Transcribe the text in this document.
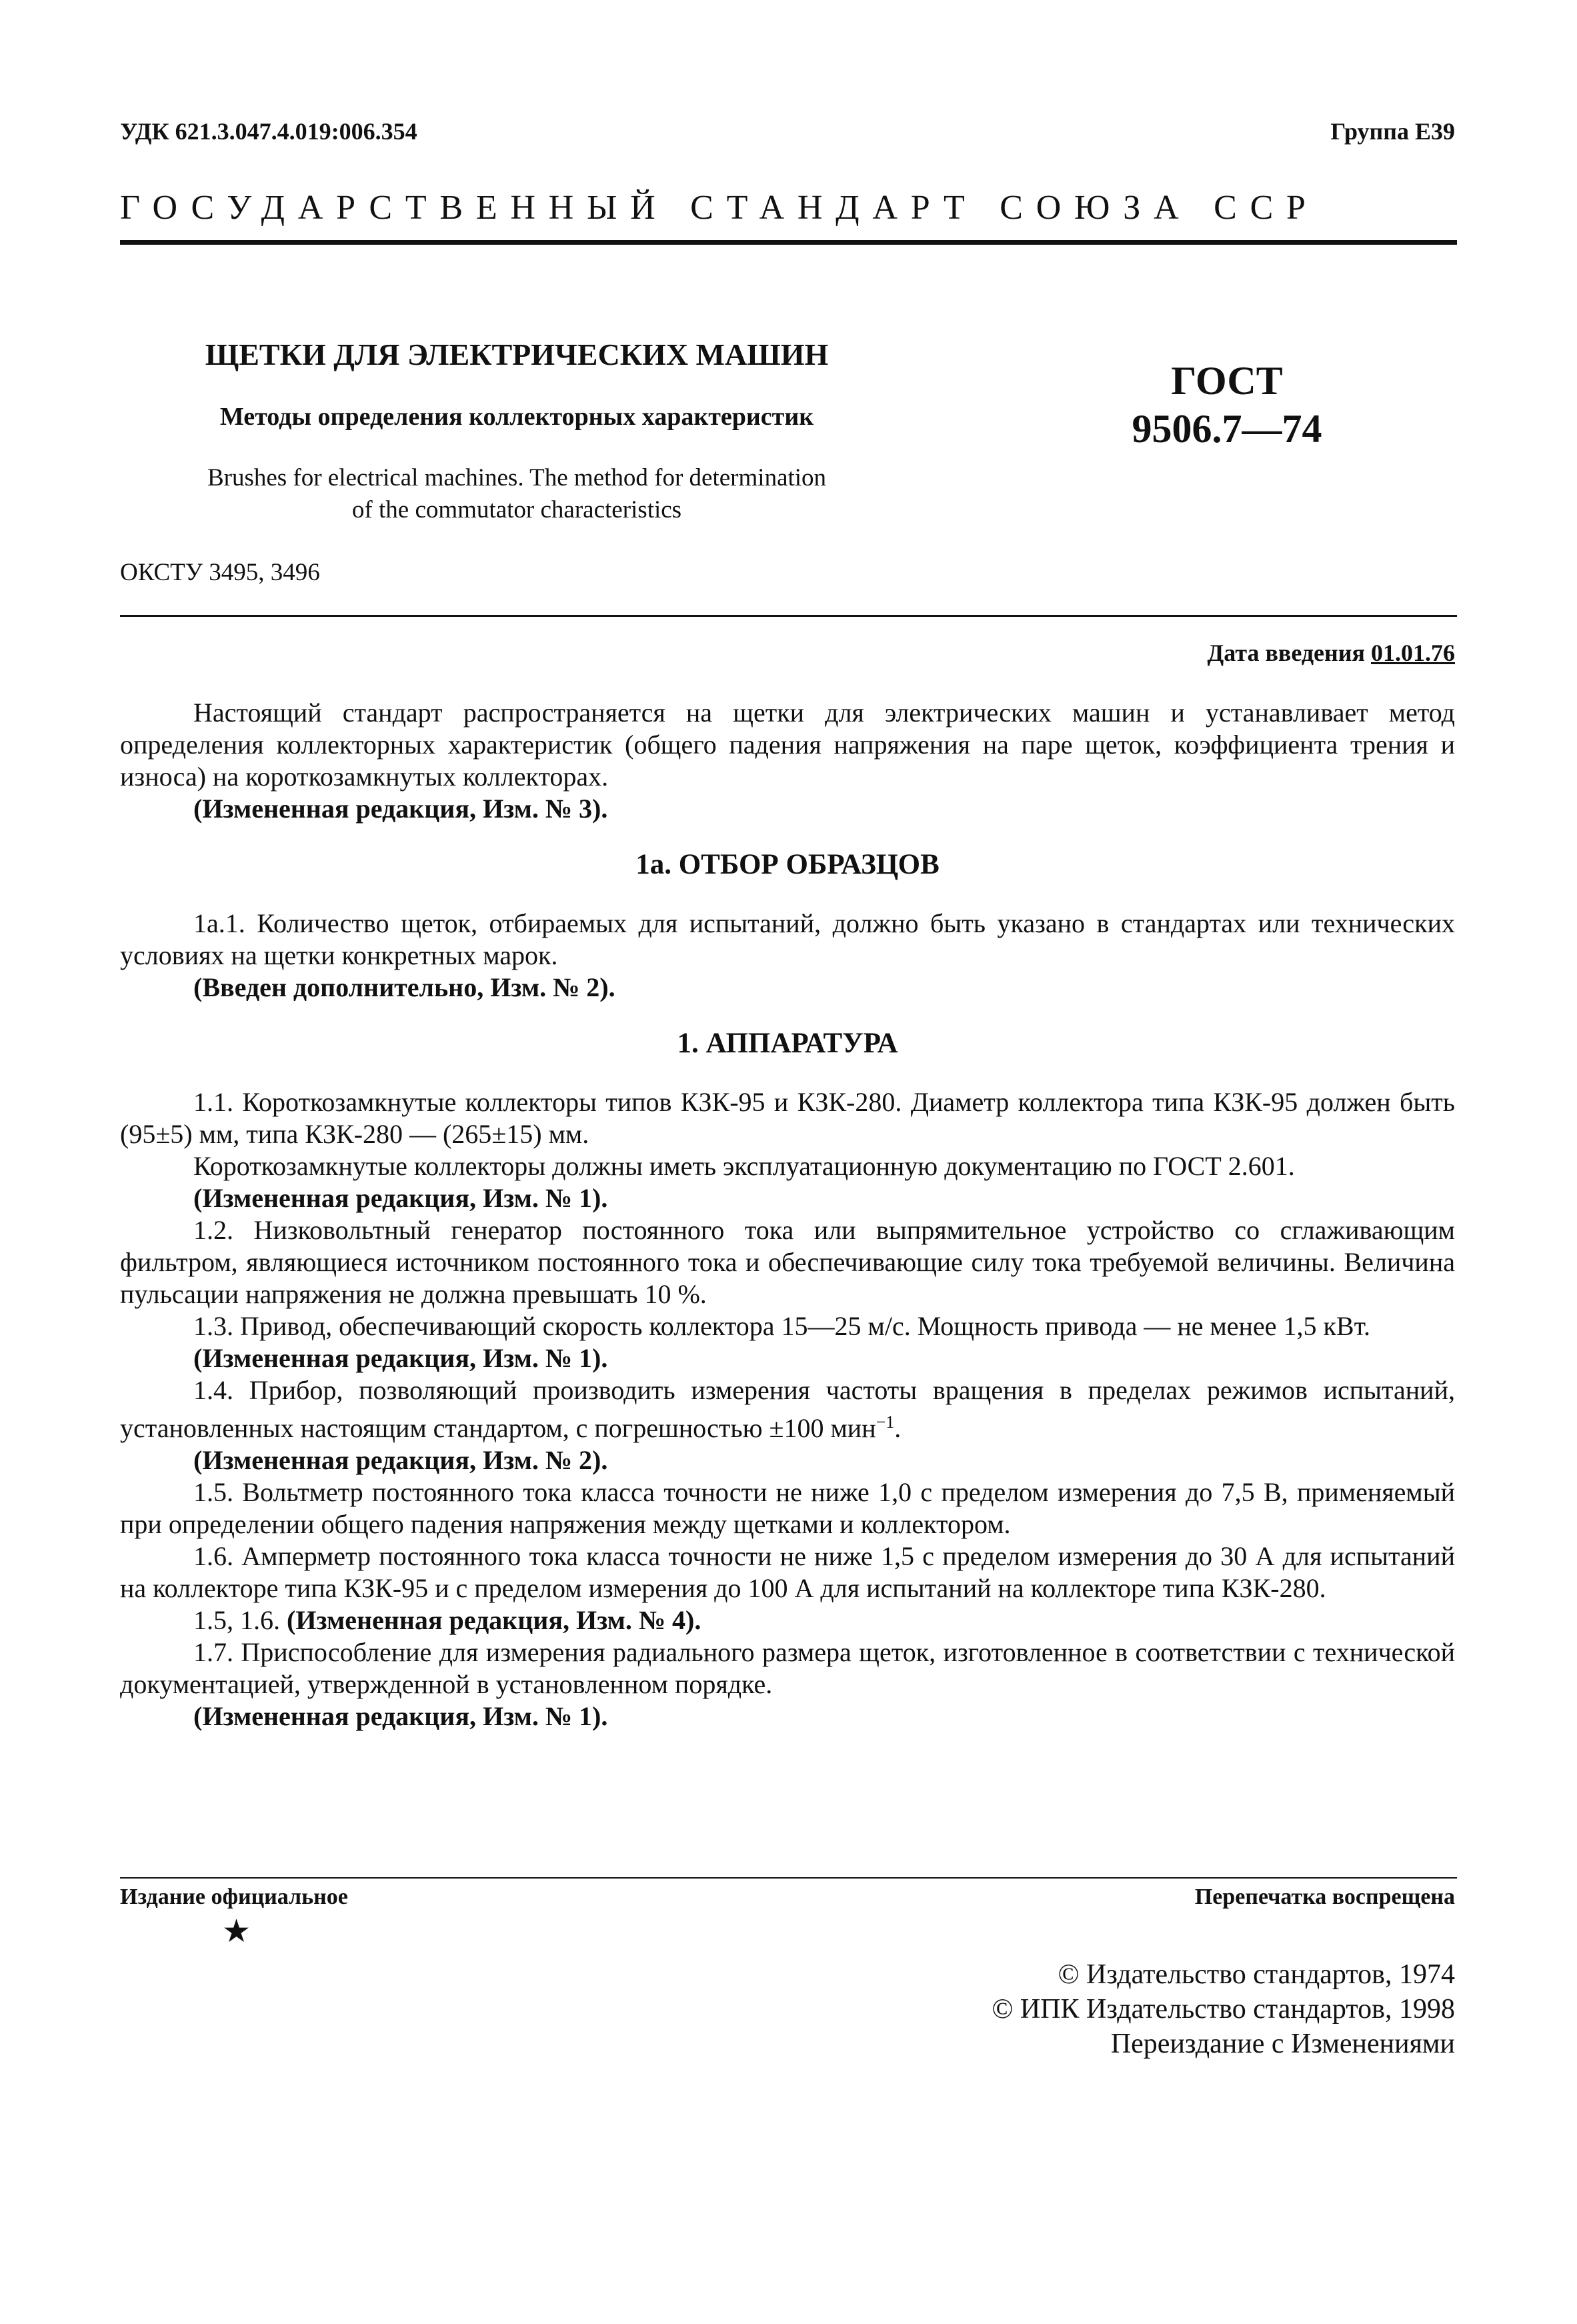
УДК 621.3.047.4.019:006.354	Группа Е39
ГОСУДАРСТВЕННЫЙ СТАНДАРТ СОЮЗА ССР
ЩЕТКИ ДЛЯ ЭЛЕКТРИЧЕСКИХ МАШИН
Методы определения коллекторных характеристик
Brushes for electrical machines. The method for determination
of the commutator characteristics
ГОСТ
9506.7—74
ОКСТУ 3495, 3496
Дата введения 01.01.76

Настоящий стандарт распространяется на щетки для электрических машин и устанавливает метод определения коллекторных характеристик (общего падения напряжения на паре щеток, коэффициента трения и износа) на короткозамкнутых коллекторах.

(Измененная редакция, Изм. № 3).

1а. ОТБОР ОБРАЗЦОВ

1а.1. Количество щеток, отбираемых для испытаний, должно быть указано в стандартах или технических условиях на щетки конкретных марок.

(Введен дополнительно, Изм. № 2).

1. АППАРАТУРА

1.1. Короткозамкнутые коллекторы типов КЗК-95 и КЗК-280. Диаметр коллектора типа КЗК-95 должен быть (95±5) мм, типа КЗК-280 — (265±15) мм.

Короткозамкнутые коллекторы должны иметь эксплуатационную документацию по ГОСТ 2.601.

(Измененная редакция, Изм. № 1).

1.2. Низковольтный генератор постоянного тока или выпрямительное устройство со сглаживающим фильтром, являющиеся источником постоянного тока и обеспечивающие силу тока требуемой величины. Величина пульсации напряжения не должна превышать 10 %.

1.3. Привод, обеспечивающий скорость коллектора 15—25 м/с. Мощность привода — не менее 1,5 кВт.

(Измененная редакция, Изм. № 1).

1.4. Прибор, позволяющий производить измерения частоты вращения в пределах режимов испытаний, установленных настоящим стандартом, с погрешностью ±100 мин$^{-1}$.

(Измененная редакция, Изм. № 2).

1.5. Вольтметр постоянного тока класса точности не ниже 1,0 с пределом измерения до 7,5 В, применяемый при определении общего падения напряжения между щетками и коллектором.

1.6. Амперметр постоянного тока класса точности не ниже 1,5 с пределом измерения до 30 А для испытаний на коллекторе типа КЗК-95 и с пределом измерения до 100 А для испытаний на коллекторе типа КЗК-280.

1.5, 1.6. (Измененная редакция, Изм. № 4).

1.7. Приспособление для измерения радиального размера щеток, изготовленное в соответствии с технической документацией, утвержденной в установленном порядке.

(Измененная редакция, Изм. № 1).

Издание официальное	Перепечатка воспрещена
★
© Издательство стандартов, 1974
© ИПК Издательство стандартов, 1998
Переиздание с Изменениями
